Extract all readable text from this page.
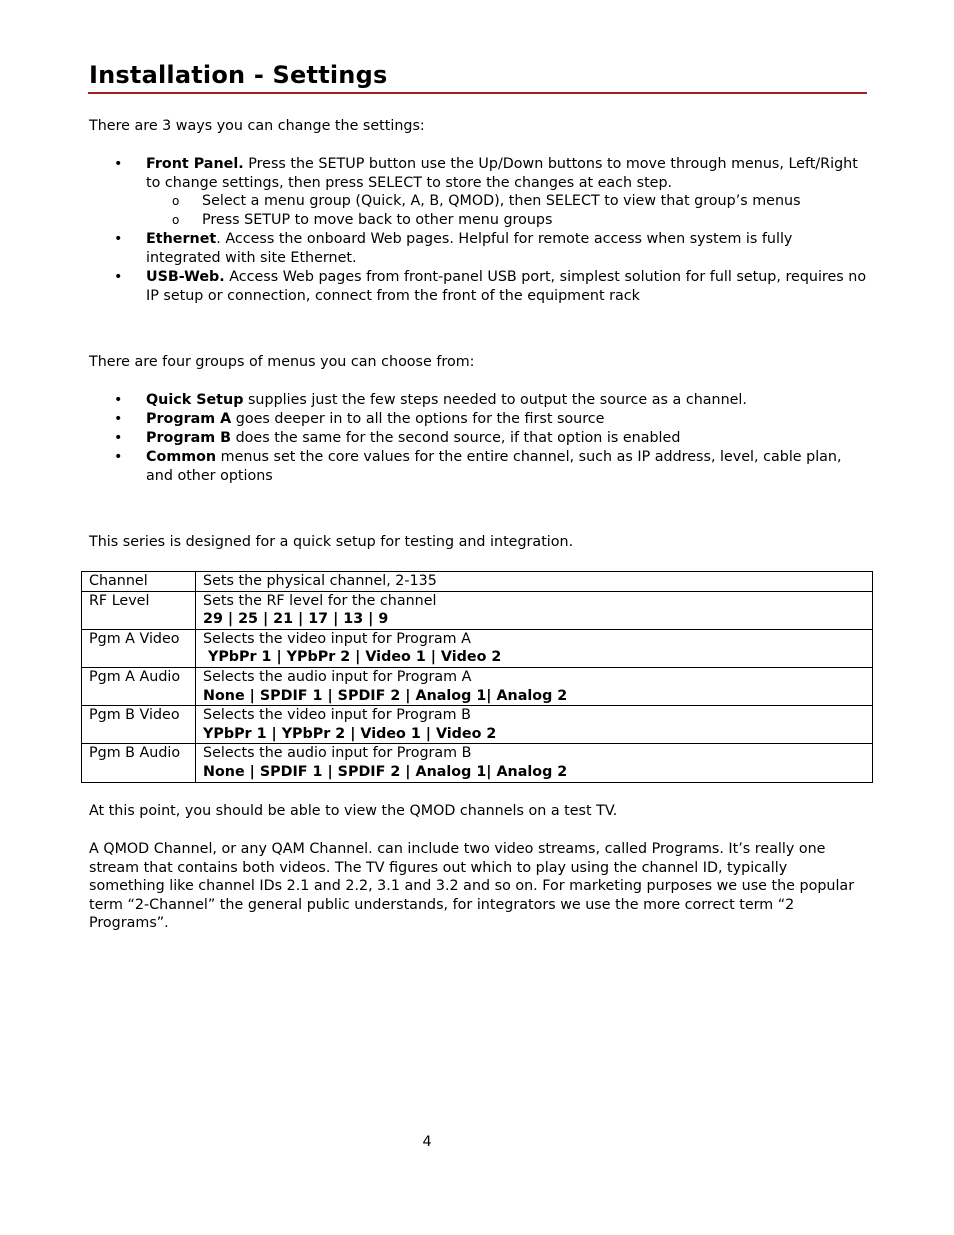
Installation - Settings

There are 3 ways you can change the settings:

•	Front Panel. Press the SETUP button use the Up/Down buttons to move through menus, Left/Right to change settings, then press SELECT to store the changes at each step.
o Select a menu group (Quick, A, B, QMOD), then SELECT to view that group’s menus
o Press SETUP to move back to other menu groups
•	Ethernet. Access the onboard Web pages. Helpful for remote access when system is fully integrated with site Ethernet.
•	USB-Web. Access Web pages from front-panel USB port, simplest solution for full setup, requires no IP setup or connection, connect from the front of the equipment rack

There are four groups of menus you can choose from:

•	Quick Setup supplies just the few steps needed to output the source as a channel.
•	Program A goes deeper in to all the options for the first source
•	Program B does the same for the second source, if that option is enabled
•	Common menus set the core values for the entire channel, such as IP address, level, cable plan, and other options

This series is designed for a quick setup for testing and integration.

Channel	Sets the physical channel, 2-135

RF Level	Sets the RF level for the channel
29 | 25 | 21 | 17 | 13 | 9

Pgm A Video	Selects the video input for Program A
YPbPr 1 | YPbPr 2 | Video 1 | Video 2

Pgm A Audio	Selects the audio input for Program A
None | SPDIF 1 | SPDIF 2 | Analog 1| Analog 2

Pgm B Video	Selects the video input for Program B
YPbPr 1 | YPbPr 2 | Video 1 | Video 2

Pgm B Audio	Selects the audio input for Program B
None | SPDIF 1 | SPDIF 2 | Analog 1| Analog 2

At this point, you should be able to view the QMOD channels on a test TV.

A QMOD Channel, or any QAM Channel. can include two video streams, called Programs. It’s really one stream that contains both videos. The TV figures out which to play using the channel ID, typically something like channel IDs 2.1 and 2.2, 3.1 and 3.2 and so on. For marketing purposes we use the popular term “2-Channel” the general public understands, for integrators we use the more correct term “2 Programs”.

4
